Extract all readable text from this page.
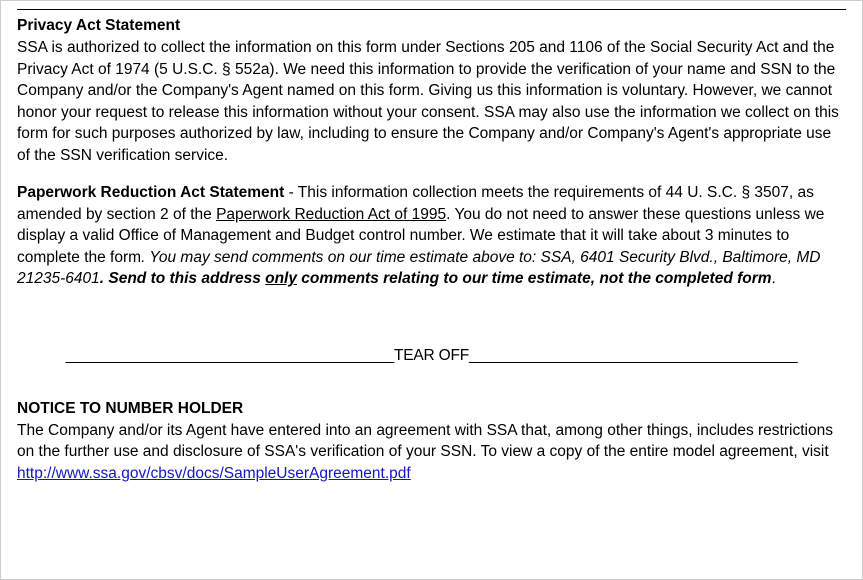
Privacy Act Statement

SSA is authorized to collect the information on this form under Sections 205 and 1106 of the Social Security Act and the Privacy Act of 1974 (5 U.S.C. § 552a). We need this information to provide the verification of your name and SSN to the Company and/or the Company's Agent named on this form. Giving us this information is voluntary. However, we cannot honor your request to release this information without your consent. SSA may also use the information we collect on this form for such purposes authorized by law, including to ensure the Company and/or Company's Agent's appropriate use of the SSN verification service.

Paperwork Reduction Act Statement - This information collection meets the requirements of 44 U. S.C. § 3507, as amended by section 2 of the Paperwork Reduction Act of 1995. You do not need to answer these questions unless we display a valid Office of Management and Budget control number. We estimate that it will take about 3 minutes to complete the form. You may send comments on our time estimate above to: SSA, 6401 Security Blvd., Baltimore, MD 21235-6401. Send to this address only comments relating to our time estimate, not the completed form.

_______________________________________TEAR OFF_______________________________________
NOTICE TO NUMBER HOLDER

The Company and/or its Agent have entered into an agreement with SSA that, among other things, includes restrictions on the further use and disclosure of SSA's verification of your SSN. To view a copy of the entire model agreement, visit http://www.ssa.gov/cbsv/docs/SampleUserAgreement.pdf
